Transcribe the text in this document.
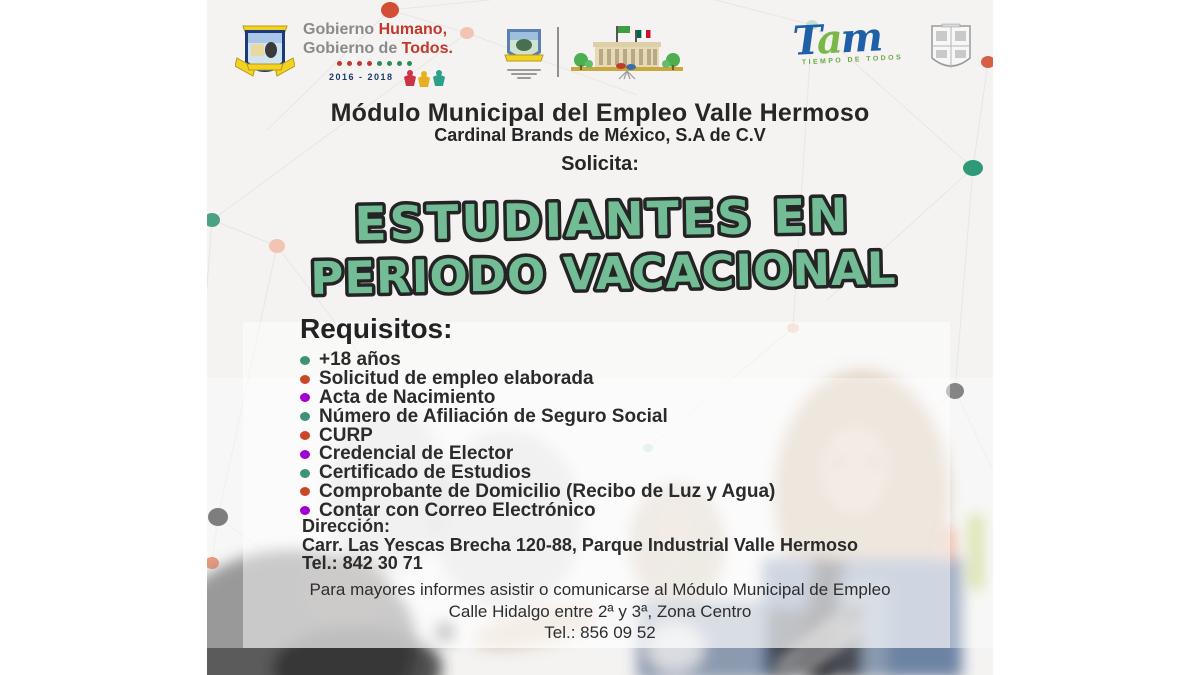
Gobierno Humano,
Gobierno de Todos.
2016 - 2018
Tam
TIEMPO DE TODOS
Módulo Municipal del Empleo Valle Hermoso
Cardinal Brands de México, S.A de C.V
Solicita:
ESTUDIANTES EN
PERIODO VACACIONAL
Requisitos:
+18 años
Solicitud de empleo elaborada
Acta de Nacimiento
Número de Afiliación de Seguro Social
CURP
Credencial de Elector
Certificado de Estudios
Comprobante de Domicilio (Recibo de Luz y Agua)
Contar con Correo Electrónico
Dirección:
Carr. Las Yescas Brecha 120-88, Parque Industrial Valle Hermoso
Tel.: 842 30 71
Para mayores informes asistir o comunicarse al Módulo Municipal de Empleo
Calle Hidalgo entre 2ª y 3ª, Zona Centro
Tel.: 856 09 52
